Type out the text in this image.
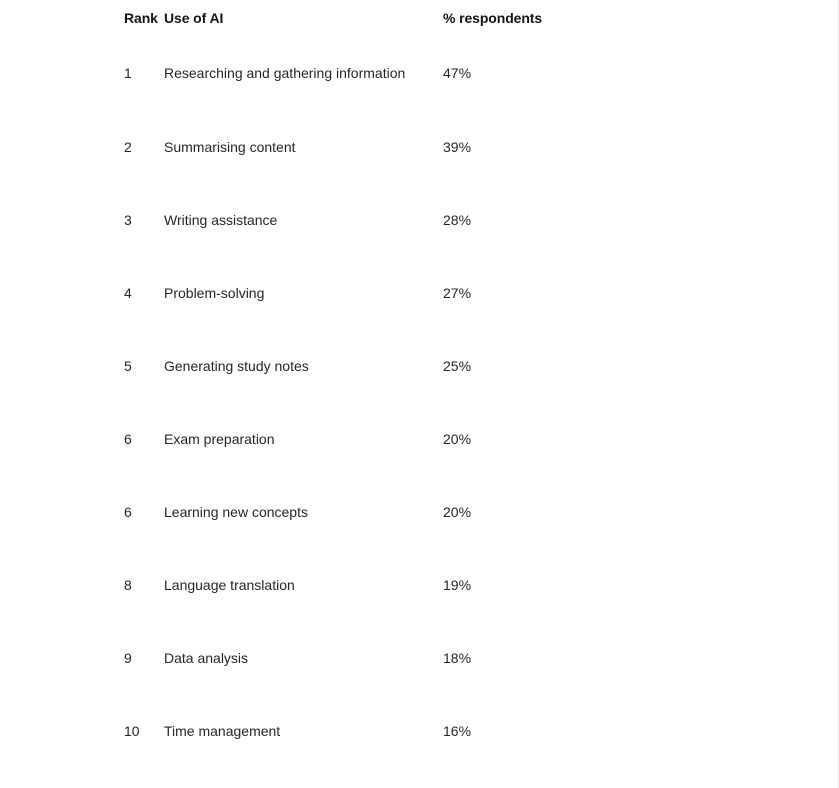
Rank	Use of AI	% respondents
1	Researching and gathering information	47%
2	Summarising content	39%
3	Writing assistance	28%
4	Problem-solving	27%
5	Generating study notes	25%
6	Exam preparation	20%
6	Learning new concepts	20%
8	Language translation	19%
9	Data analysis	18%
10	Time management	16%
